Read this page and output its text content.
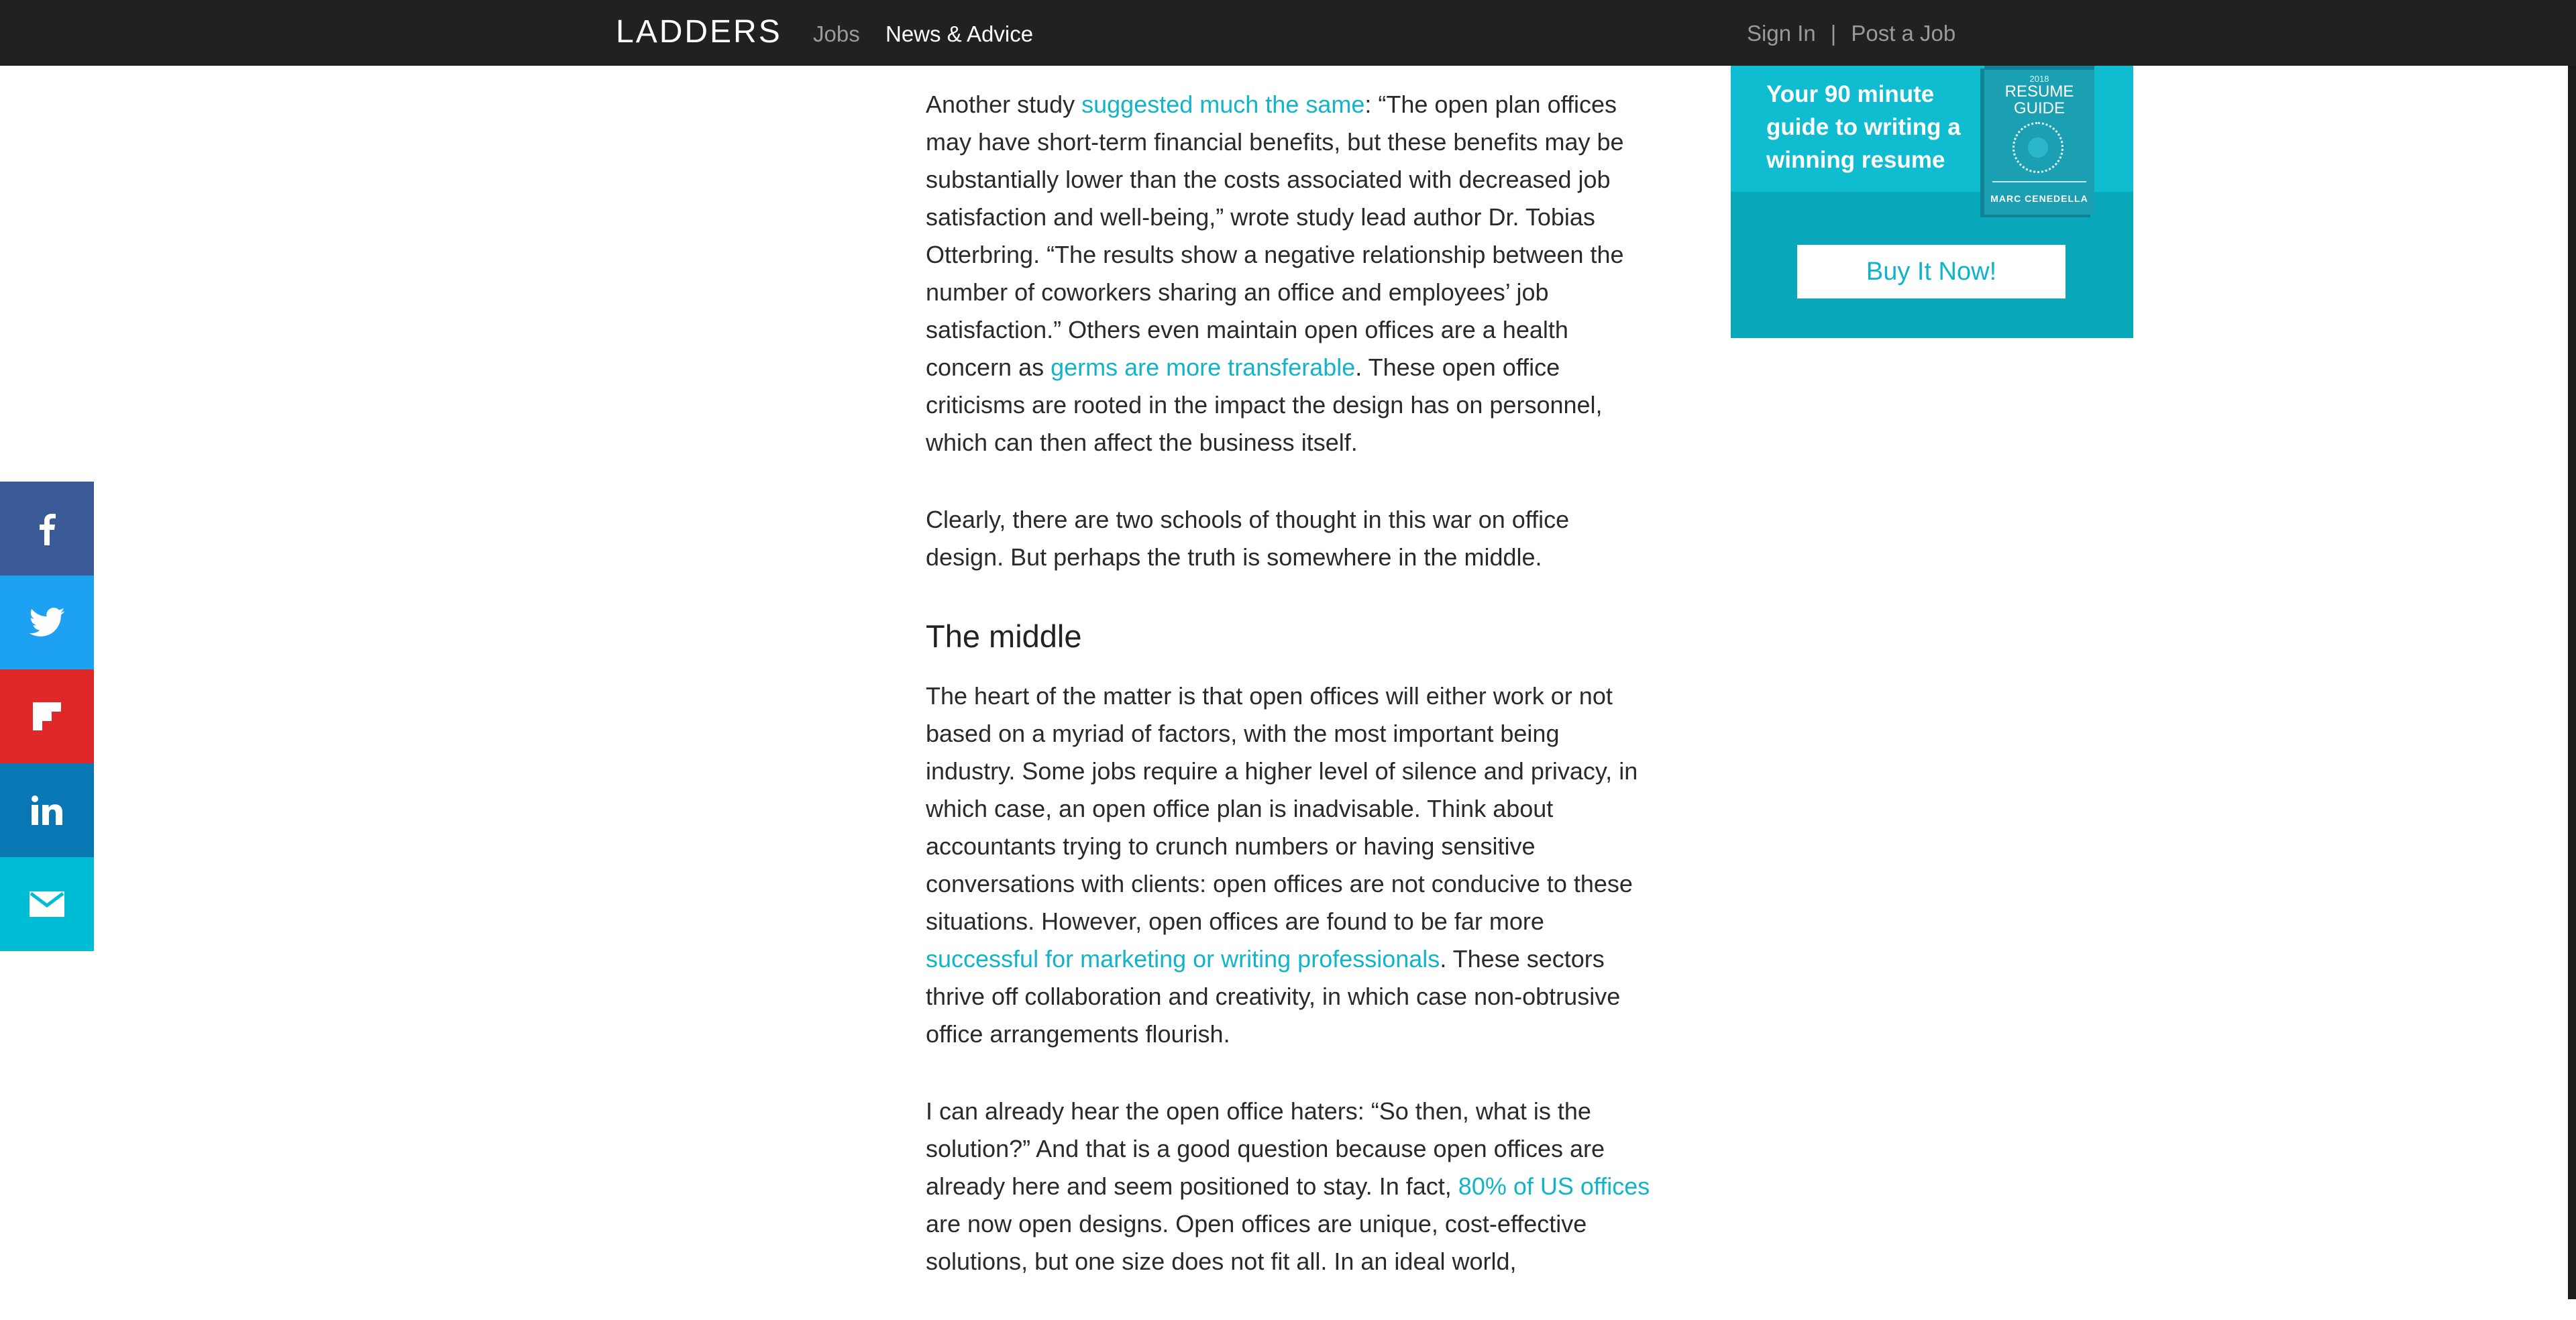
LADDERS Jobs News & Advice	Sign In | Post a Job

Another study suggested much the same: “The open plan offices may have short-term financial benefits, but these benefits may be substantially lower than the costs associated with decreased job satisfaction and well-being,” wrote study lead author Dr. Tobias Otterbring. “The results show a negative relationship between the number of coworkers sharing an office and employees’ job satisfaction.” Others even maintain open offices are a health concern as germs are more transferable. These open office criticisms are rooted in the impact the design has on personnel, which can then affect the business itself.

Clearly, there are two schools of thought in this war on office design. But perhaps the truth is somewhere in the middle.

The middle

The heart of the matter is that open offices will either work or not based on a myriad of factors, with the most important being industry. Some jobs require a higher level of silence and privacy, in which case, an open office plan is inadvisable. Think about accountants trying to crunch numbers or having sensitive conversations with clients: open offices are not conducive to these situations. However, open offices are found to be far more successful for marketing or writing professionals. These sectors thrive off collaboration and creativity, in which case non-obtrusive office arrangements flourish.

I can already hear the open office haters: “So then, what is the solution?” And that is a good question because open offices are already here and seem positioned to stay. In fact, 80% of US offices are now open designs. Open offices are unique, cost-effective solutions, but one size does not fit all. In an ideal world,

Your 90 minute guide to writing a winning resume
2018
RESUME GUIDE
MARC CENEDELLA
Buy It Now!
